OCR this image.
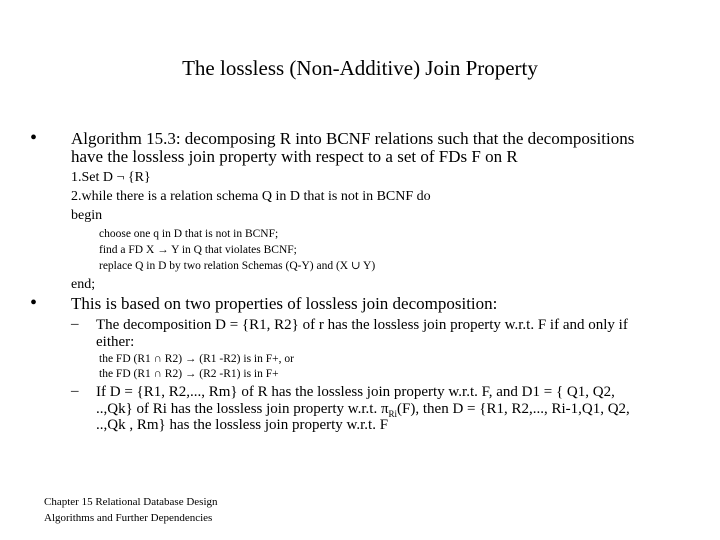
The lossless (Non-Additive) Join Property
• Algorithm 15.3: decomposing R into BCNF relations such that the decompositions
have the lossless join property with respect to a set of FDs F on R
1.Set D ¬ {R}
2.while there is a relation schema Q in D that is not in BCNF do
begin
choose one q in D that is not in BCNF;
find a FD X → Y in Q that violates BCNF;
replace Q in D by two relation Schemas (Q-Y) and (X ∪ Y)
end;
• This is based on two properties of lossless join decomposition:
– The decomposition D = {R1, R2} of r has the lossless join property w.r.t. F if and only if
either:
the FD (R1 ∩ R2) → (R1 -R2) is in F+, or
the FD (R1 ∩ R2) → (R2 -R1) is in F+
– If D = {R1, R2,..., Rm} of R has the lossless join property w.r.t. F, and D1 = { Q1, Q2,
..,Qk} of Ri has the lossless join property w.r.t. $\pi_{Ri}(F)$, then D = {R1, R2,..., Ri-1,Q1, Q2,
..,Qk , Rm} has the lossless join property w.r.t. F
Chapter 15 Relational Database Design
Algorithms and Further Dependencies
